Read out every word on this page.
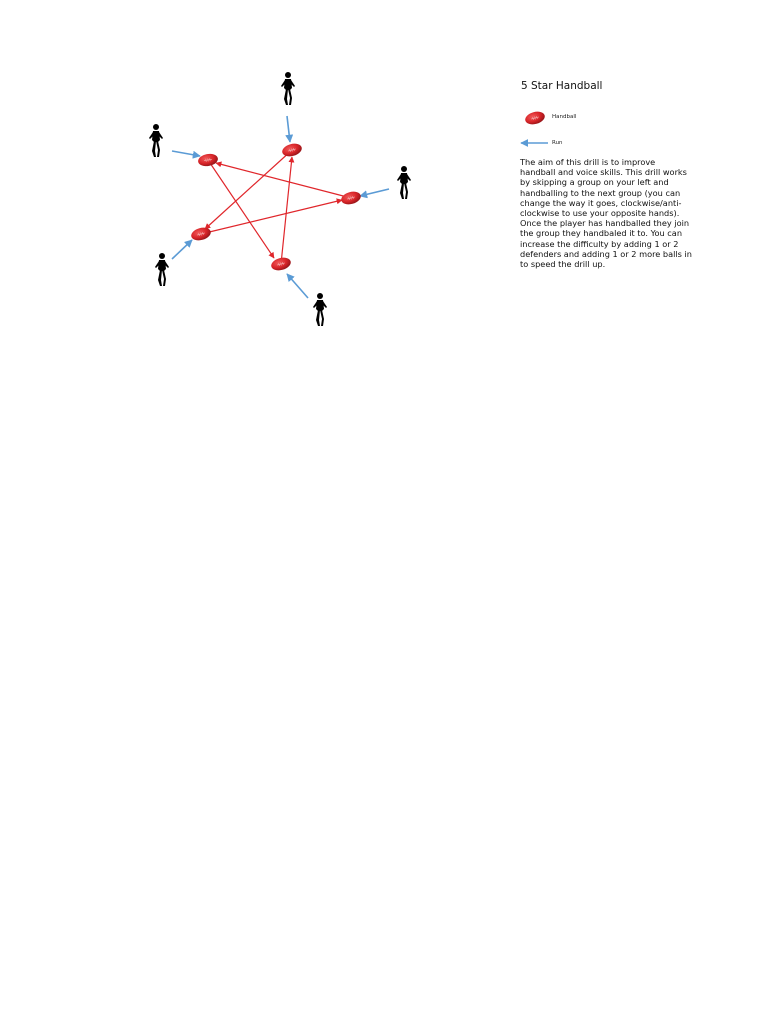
5 Star Handball
Handball
Run

The aim of this drill is to improve handball and voice skills. This drill works by skipping a group on your left and handballing to the next group (you can change the way it goes, clockwise/anti-clockwise to use your opposite hands). Once the player has handballed they join the group they handbaled it to. You can increase the difficulty by adding 1 or 2 defenders and adding 1 or 2 more balls in to speed the drill up.
